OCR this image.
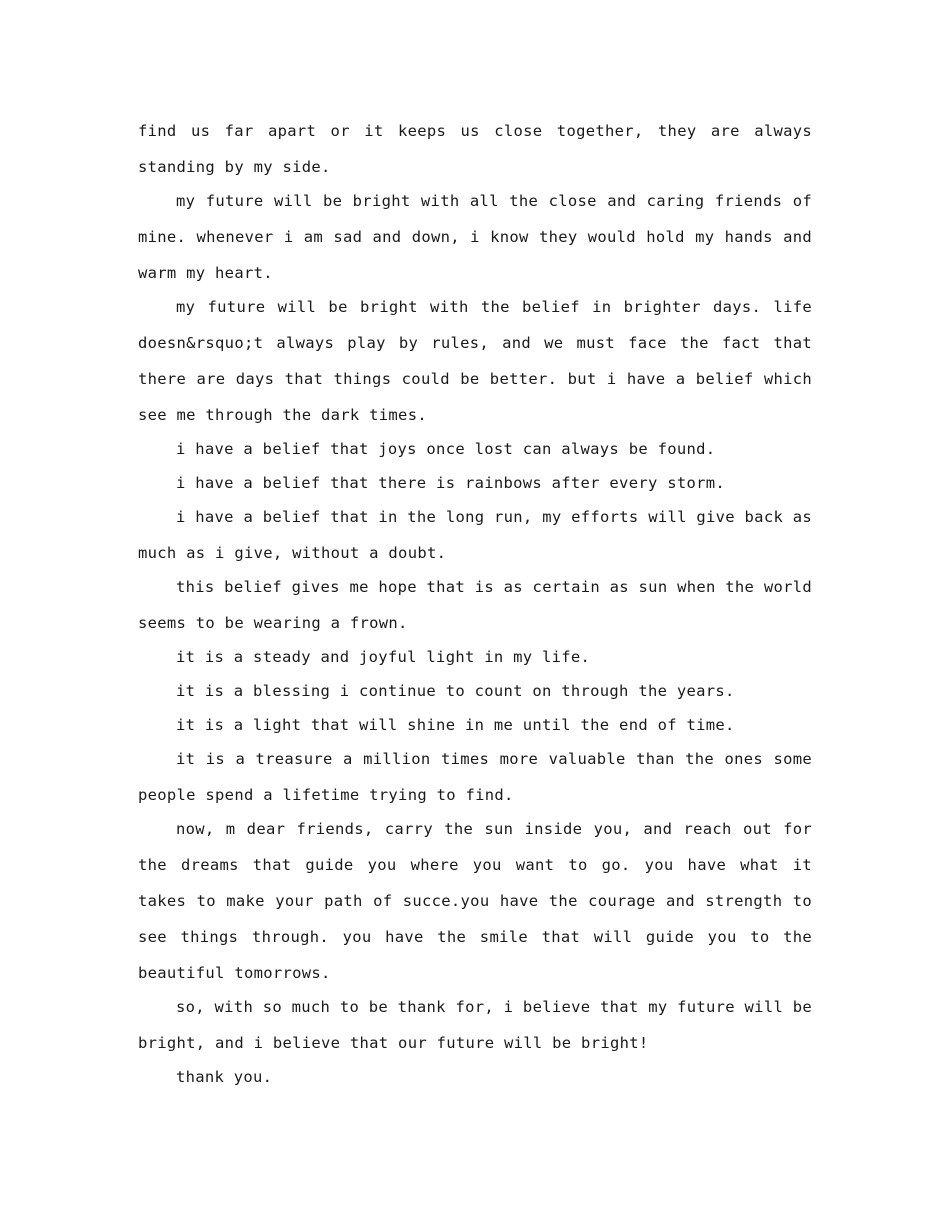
find us far apart or it keeps us close together, they are always standing by my side.

my future will be bright with all the close and caring friends of mine. whenever i am sad and down, i know they would hold my hands and warm my heart.

my future will be bright with the belief in brighter days. life doesn&rsquo;t always play by rules, and we must face the fact that there are days that things could be better. but i have a belief which see me through the dark times.

i have a belief that joys once lost can always be found.

i have a belief that there is rainbows after every storm.

i have a belief that in the long run, my efforts will give back as much as i give, without a doubt.

this belief gives me hope that is as certain as sun when the world seems to be wearing a frown.

it is a steady and joyful light in my life.

it is a blessing i continue to count on through the years.

it is a light that will shine in me until the end of time.

it is a treasure a million times more valuable than the ones some people spend a lifetime trying to find.

now, m dear friends, carry the sun inside you, and reach out for the dreams that guide you where you want to go. you have what it takes to make your path of succe.you have the courage and strength to see things through. you have the smile that will guide you to the beautiful tomorrows.

so, with so much to be thank for, i believe that my future will be bright, and i believe that our future will be bright!

thank you.
